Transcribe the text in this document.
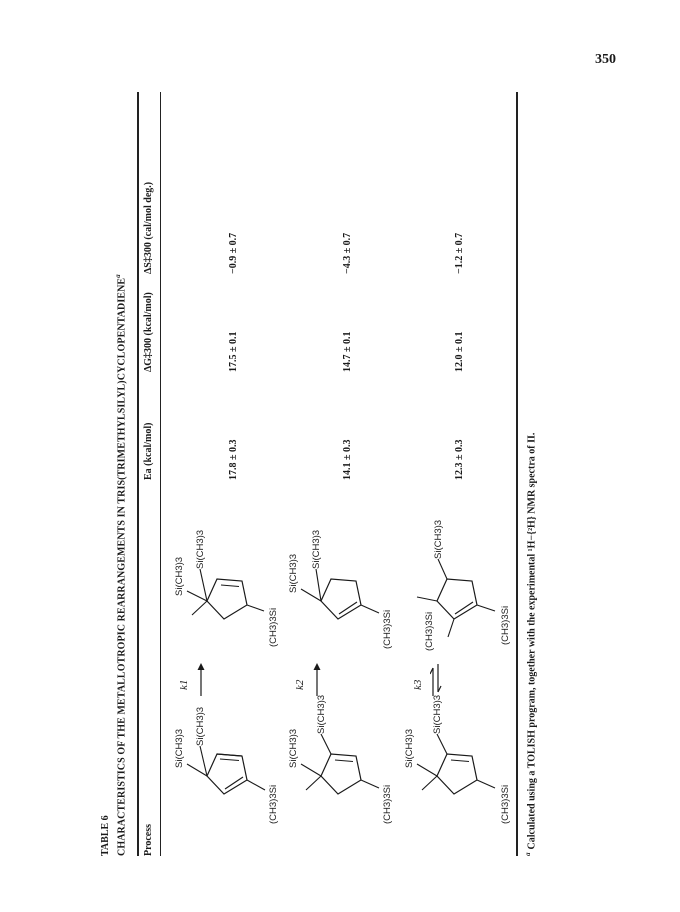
350
TABLE 6 CHARACTERISTICS OF THE METALLOTROPIC REARRANGEMENTS IN TRIS(TRIMETHYLSILYL)CYCLOPENTADIENE$^a$
Process
Ea (kcal/mol)
ΔG‡300 (kcal/mol)
ΔS‡300 (cal/mol deg.)
17.8 ± 0.3
17.5 ± 0.1
−0.9 ± 0.7
14.1 ± 0.3
14.7 ± 0.1
−4.3 ± 0.7
12.3 ± 0.3
12.0 ± 0.1
−1.2 ± 0.7
Si(CH3)3
Si(CH3)3
(CH3)3Si
k1
Si(CH3)3
Si(CH3)3
(CH3)3Si
Si(CH3)3
Si(CH3)3
(CH3)3Si
k2
Si(CH3)3
Si(CH3)3
(CH3)3Si
Si(CH3)3
Si(CH3)3
(CH3)3Si
k3
(CH3)3Si
Si(CH3)3
(CH3)3Si
$^a$Calculated using a TOLISH program, together with the experimental ¹H−{²H} NMR spectra of II.
